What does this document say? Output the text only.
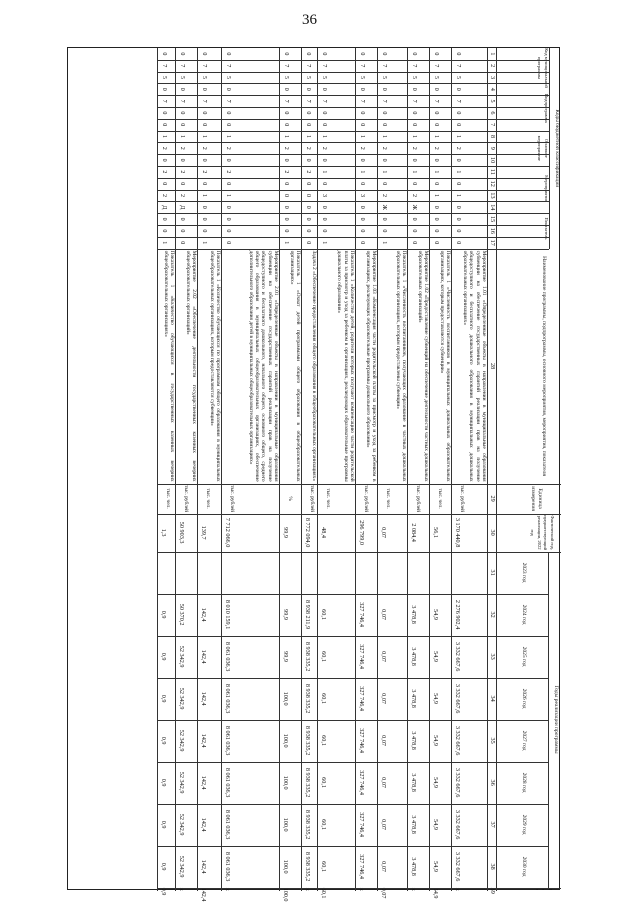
36
Коды бюджетной классификации
Код муниципальной программы
Подпрограмма
Основное мероприятие
Мероприятие
Показатель
Наименование программы, подпрограммы, основного мероприятия, мероприятия, показателя
Единица измерения
Фактический год, предшествующий реализации, 2022 год
Годы реализации программы
2023 год
2024 год
2025 год
2026 год
2027 год
2028 год
2029 год
2030 год
1
2
3
4
5
6
7
8
9
10
11
12
13
14
15
16
17
28
29
30
31
32
33
34
35
36
37
38
39
0
7
5
0
7
0
0
1
2
0
1
0
1
0
0
0
0
Мероприятие 1.01 «Определенные объекты в направлении в муниципальные образования субвенции на обеспечение государственных гарантий реализации прав на получение общедоступного и бесплатного дошкольного образования в муниципальных дошкольных образовательных организациях»
тыс. рублей
3 170 440,8
2 276 902,4
3 332 667,6
3 332 667,6
3 332 667,6
3 332 667,6
3 332 667,6
3 332 667,6
х
0
7
5
0
7
0
0
1
2
0
1
0
1
0
0
0
0
Показатель 1 «Численность воспитанников в муниципальных дошкольных образовательных организациях, которым предоставляются субвенции»
тыс. чел.
56,1
54,9
54,9
54,9
54,9
54,9
54,9
54,9
54,9
0
7
5
0
7
0
0
1
2
0
1
0
2
Ж
0
0
0
Мероприятие 1.02 «Предоставление субвенций на обеспечение деятельности частных дошкольных образовательных организаций»
тыс. рублей
2 084,4
3 478,8
3 478,8
3 478,8
3 478,8
3 478,8
3 478,8
3 478,8
х
0
7
5
0
7
0
0
1
2
0
1
0
2
Ж
0
0
1
Показатель 1 «Численность воспитанников, получающих образование в частных дошкольных образовательных организациях, которым предоставлены субвенции»
тыс. чел.
0,07
0,07
0,07
0,07
0,07
0,07
0,07
0,07
0,07
0
7
5
0
7
0
0
1
2
0
1
0
3
0
0
0
0
Мероприятие 1.03 «Компенсация части родительской платы за присмотр и уход за ребенком в организациях, реализующих образовательные программы дошкольного образования»
тыс. рублей
296 799,0
327 746,4
327 746,4
327 746,4
327 746,4
327 746,4
327 746,4
327 746,4
х
0
7
5
0
7
0
0
1
2
0
1
0
3
0
0
0
1
Показатель 1 «Количество детей, родители которых получают компенсацию части родительской платы за присмотр и уход за ребенком в организациях, реализующих образовательные программы дошкольного образования»
тыс. чел.
48,4
60,1
60,1
60,1
60,1
60,1
60,1
60,1
60,1
0
7
5
0
7
0
0
1
2
0
2
0
0
0
0
0
0
Задача 2 «Обеспечение предоставления общего образования в общеобразовательных организациях»
тыс. рублей
8 772 094,0
8 938 211,9
8 938 335,2
8 938 335,2
8 938 335,2
8 938 335,2
8 938 335,2
8 938 335,2
х
0
7
5
0
7
0
0
1
2
0
2
0
0
0
0
0
1
Показатель 1 «Охват детей программами общего образования в общеобразовательных организациях»
%
99,9
99,9
99,9
100,0
100,0
100,0
100,0
100,0
100,0
0
7
5
0
7
0
0
1
2
0
2
0
1
0
0
0
0
Мероприятие 2.01 «Определенные объекты в направлении в муниципальные образования субвенции на обеспечение государственных гарантий реализации прав на получение общедоступного и бесплатного дошкольного, начального общего, основного общего, среднего общего образования в муниципальных общеобразовательных организациях, обеспечение дополнительного образования детей в муниципальных общеобразовательных организациях»
тыс. рублей
7 712 066,0
8 010 159,1
8 061 036,3
8 061 036,3
8 061 036,3
8 061 036,3
8 061 036,3
8 061 036,3
х
0
7
5
0
7
0
0
1
2
0
2
0
1
0
0
0
1
Показатель 1 «Количество обучающихся по программам общего образования в муниципальных общеобразовательных организациях, которым предоставляются субвенции»
тыс. чел.
139,7
142,4
142,4
142,4
142,4
142,4
142,4
142,4
142,4
0
7
5
0
7
0
0
1
2
0
2
0
2
Д
0
0
0
Мероприятие 2.02 «Обеспечение деятельности государственных казенных вечерних общеобразовательных организаций»
тыс. рублей
50 903,3
50 370,2
52 342,9
52 342,9
52 342,9
52 342,9
52 342,9
52 342,9
х
0
7
5
0
7
0
0
1
2
0
2
0
2
Д
0
0
1
Показатель 1 «Количество обучающихся в государственных казенных вечерних общеобразовательных организациях»
тыс. чел.
1,3
0,9
0,9
0,9
0,9
0,9
0,9
0,9
0,9
